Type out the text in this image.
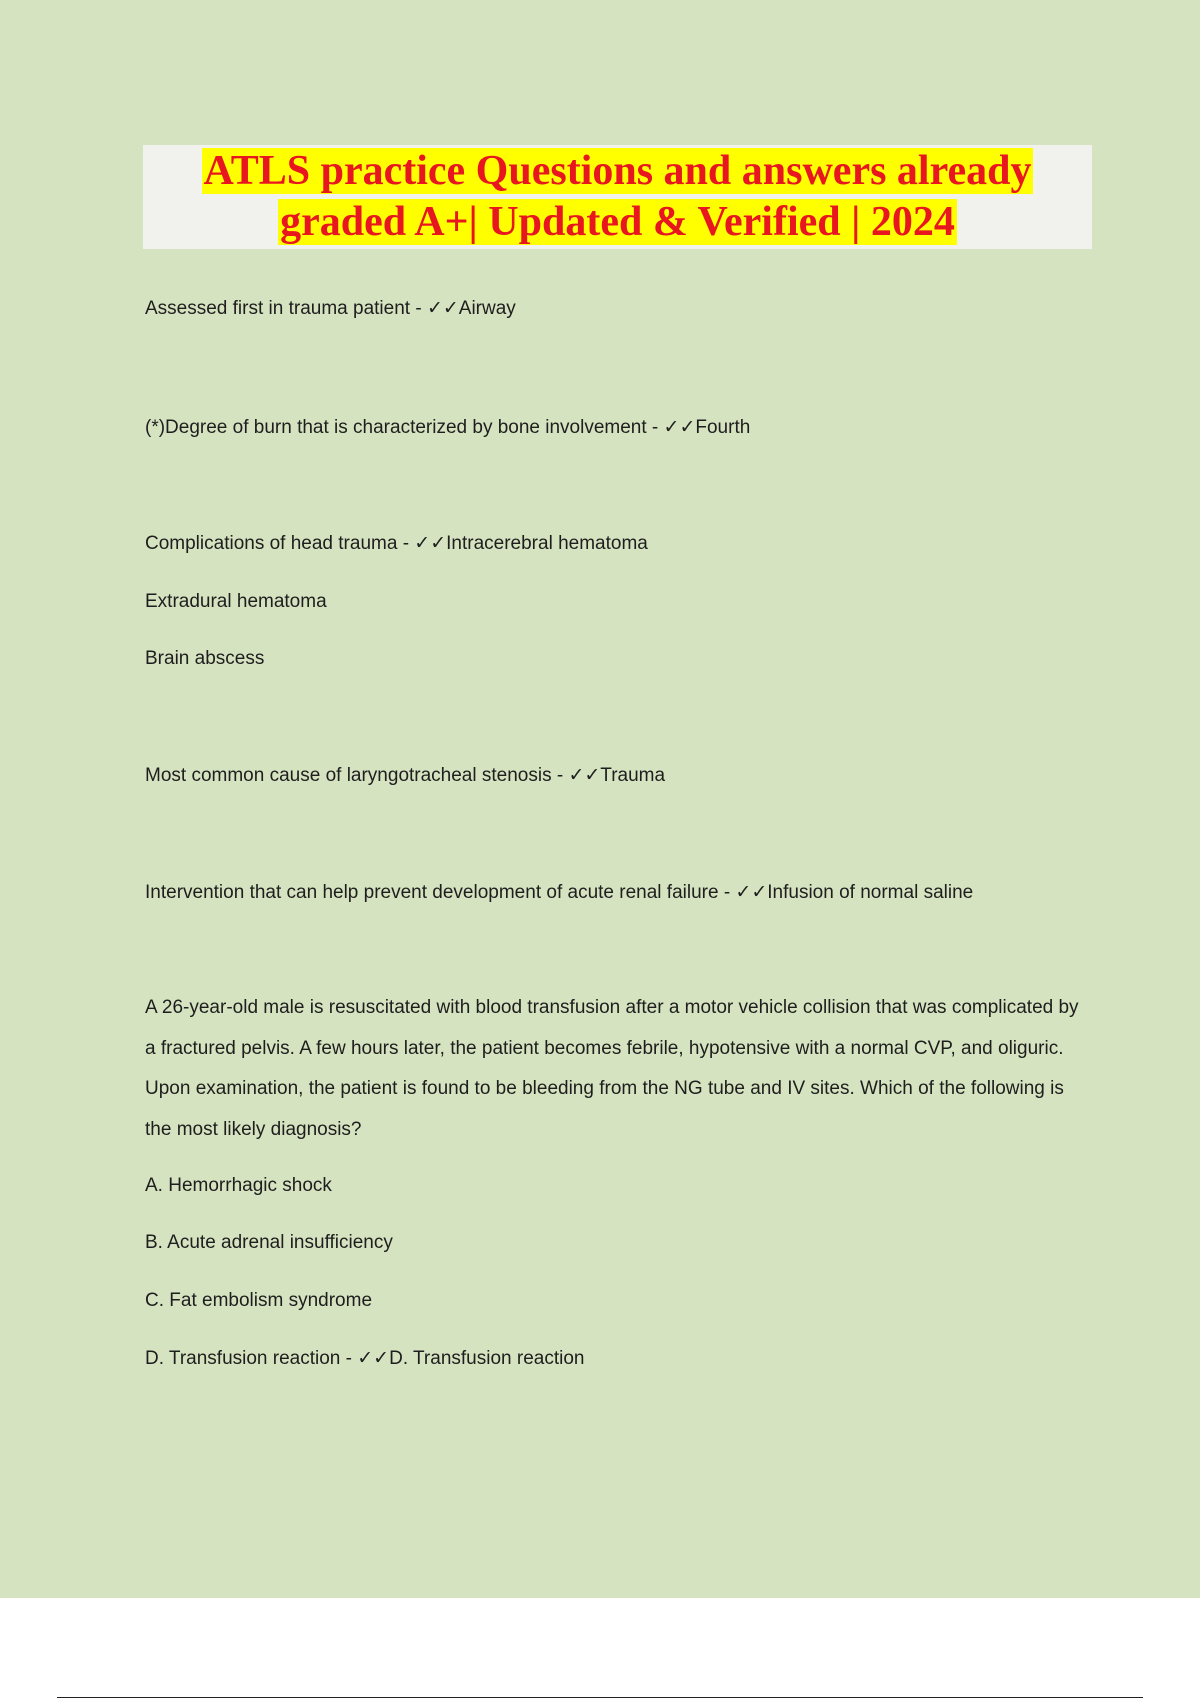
ATLS practice Questions and answers already
graded A+| Updated & Verified | 2024
Assessed first in trauma patient - ✓✓Airway
(*)Degree of burn that is characterized by bone involvement - ✓✓Fourth
Complications of head trauma - ✓✓Intracerebral hematoma
Extradural hematoma
Brain abscess
Most common cause of laryngotracheal stenosis - ✓✓Trauma
Intervention that can help prevent development of acute renal failure - ✓✓Infusion of normal saline
A 26-year-old male is resuscitated with blood transfusion after a motor vehicle collision that was complicated by a fractured pelvis. A few hours later, the patient becomes febrile, hypotensive with a normal CVP, and oliguric. Upon examination, the patient is found to be bleeding from the NG tube and IV sites. Which of the following is the most likely diagnosis?
A. Hemorrhagic shock
B. Acute adrenal insufficiency
C. Fat embolism syndrome
D. Transfusion reaction - ✓✓D. Transfusion reaction
